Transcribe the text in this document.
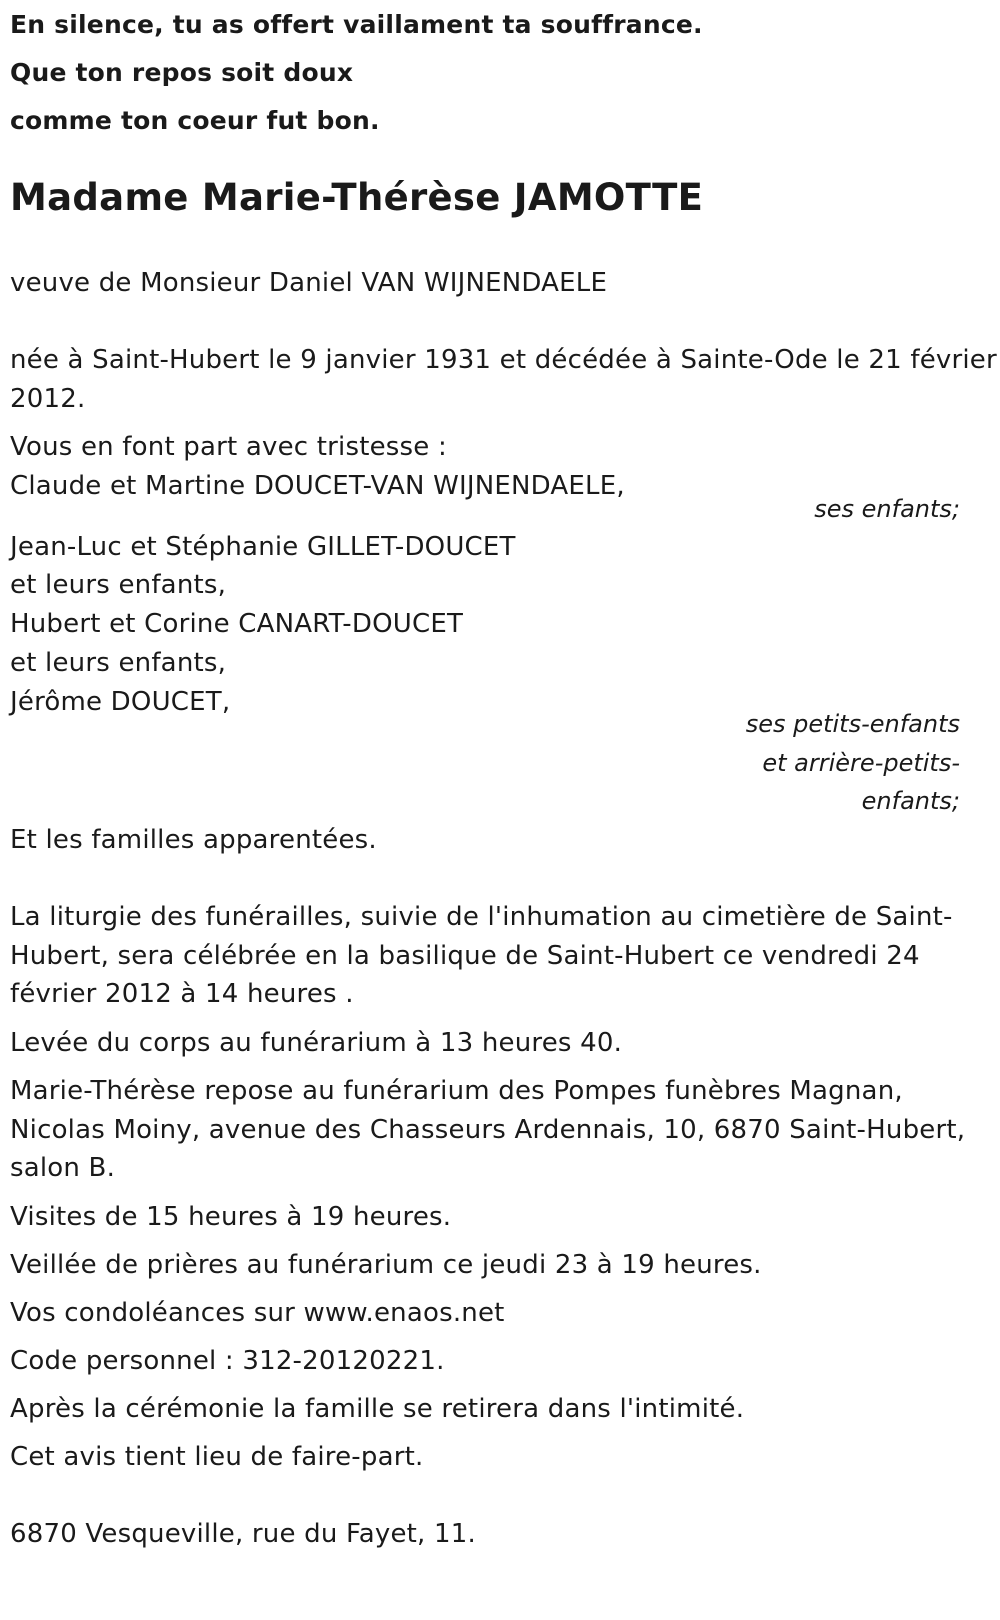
En silence, tu as offert vaillament ta souffrance.
Que ton repos soit doux
comme ton coeur fut bon.
Madame Marie-Thérèse JAMOTTE
veuve de Monsieur Daniel VAN WIJNENDAELE
née à Saint-Hubert le 9 janvier 1931 et décédée à Sainte-Ode le 21 février
2012.
Vous en font part avec tristesse :
Claude et Martine DOUCET-VAN WIJNENDAELE,
ses enfants;
Jean-Luc et Stéphanie GILLET-DOUCET
et leurs enfants,
Hubert et Corine CANART-DOUCET
et leurs enfants,
Jérôme DOUCET,
ses petits-enfants
et arrière-petits-
enfants;
Et les familles apparentées.
La liturgie des funérailles, suivie de l'inhumation au cimetière de Saint-
Hubert, sera célébrée en la basilique de Saint-Hubert ce vendredi 24
février 2012 à 14 heures .
Levée du corps au funérarium à 13 heures 40.
Marie-Thérèse repose au funérarium des Pompes funèbres Magnan,
Nicolas Moiny, avenue des Chasseurs Ardennais, 10, 6870 Saint-Hubert,
salon B.
Visites de 15 heures à 19 heures.
Veillée de prières au funérarium ce jeudi 23 à 19 heures.
Vos condoléances sur www.enaos.net
Code personnel : 312-20120221.
Après la cérémonie la famille se retirera dans l'intimité.
Cet avis tient lieu de faire-part.
6870 Vesqueville, rue du Fayet, 11.
